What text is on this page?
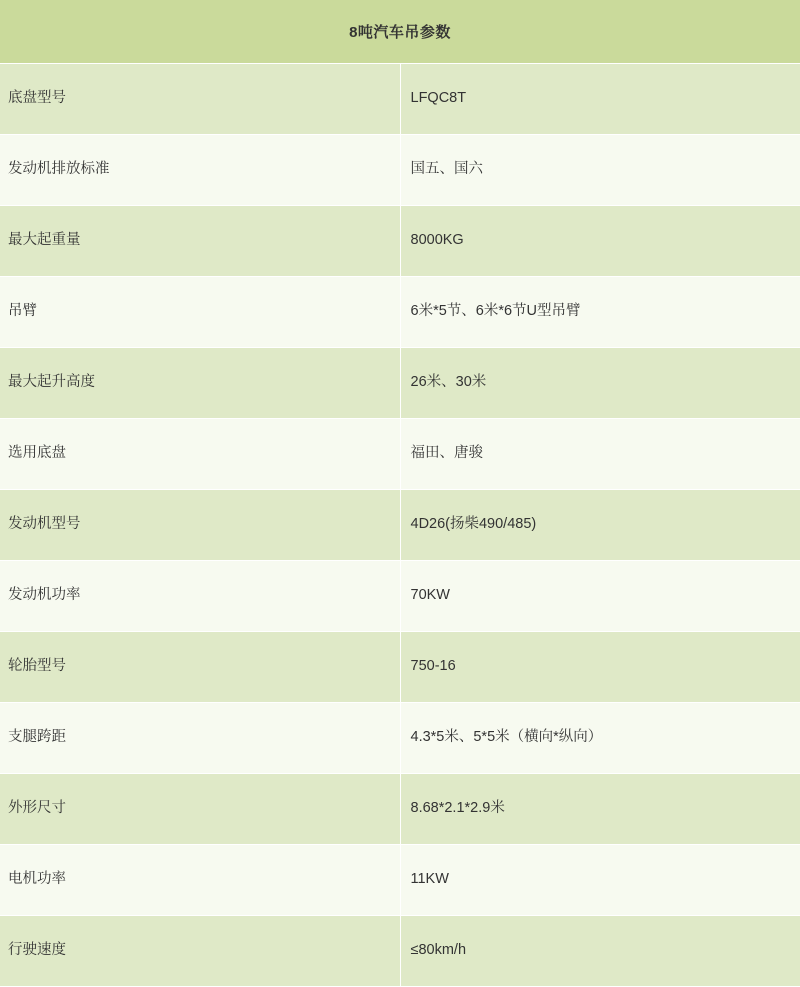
8吨汽车吊参数	
底盘型号	LFQC8T
发动机排放标准	国五、国六
最大起重量	8000KG
吊臂	6米*5节、6米*6节U型吊臂
最大起升高度	26米、30米
选用底盘	福田、唐骏
发动机型号	4D26(扬柴490/485)
发动机功率	70KW
轮胎型号	750-16
支腿跨距	4.3*5米、5*5米（横向*纵向）
外形尺寸	8.68*2.1*2.9米
电机功率	11KW
行驶速度	≤80km/h
